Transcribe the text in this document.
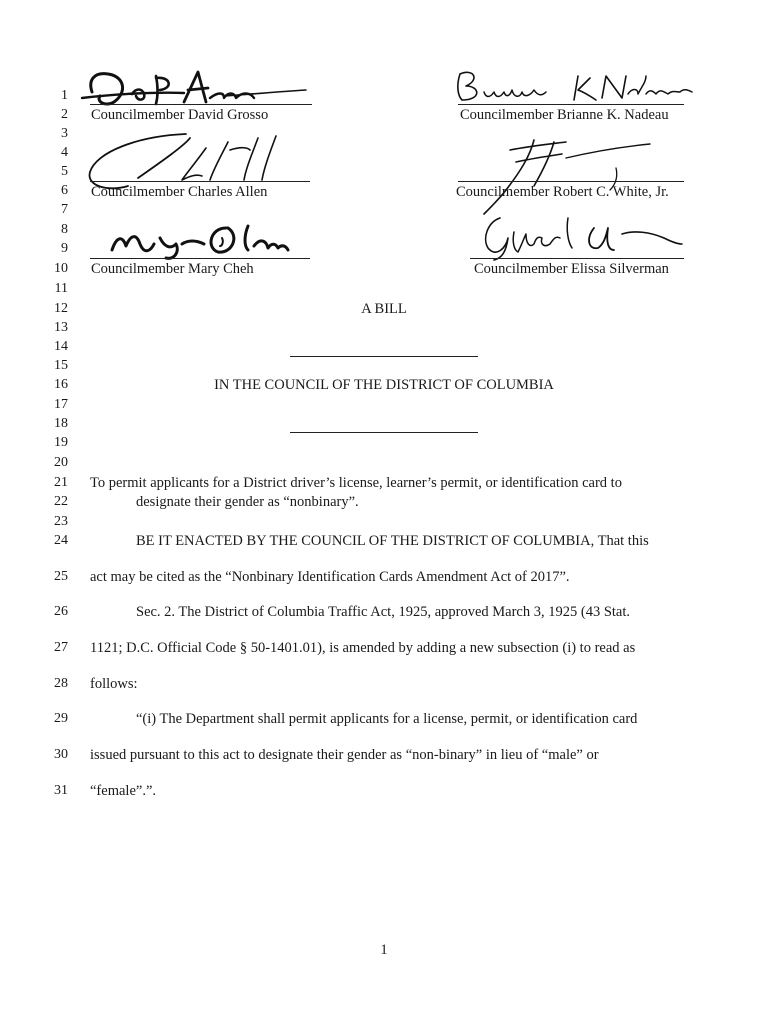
1
2
3
4
5
6
7
8
9
10
11
12
13
14
15
16
17
18
19
20
21
22
23
24
25
26
27
28
29
30
31
Councilmember David Grosso	Councilmember Brianne K. Nadeau
Councilmember Charles Allen	Councilmember Robert C. White, Jr.
Councilmember Mary Cheh	Councilmember Elissa Silverman
A BILL
IN THE COUNCIL OF THE DISTRICT OF COLUMBIA
To permit applicants for a District driver’s license, learner’s permit, or identification card to
designate their gender as “nonbinary”.
BE IT ENACTED BY THE COUNCIL OF THE DISTRICT OF COLUMBIA, That this
act may be cited as the “Nonbinary Identification Cards Amendment Act of 2017”.
Sec. 2. The District of Columbia Traffic Act, 1925, approved March 3, 1925 (43 Stat.
1121; D.C. Official Code § 50-1401.01), is amended by adding a new subsection (i) to read as
follows:
“(i) The Department shall permit applicants for a license, permit, or identification card
issued pursuant to this act to designate their gender as “non-binary” in lieu of “male” or
“female”.”.
1
